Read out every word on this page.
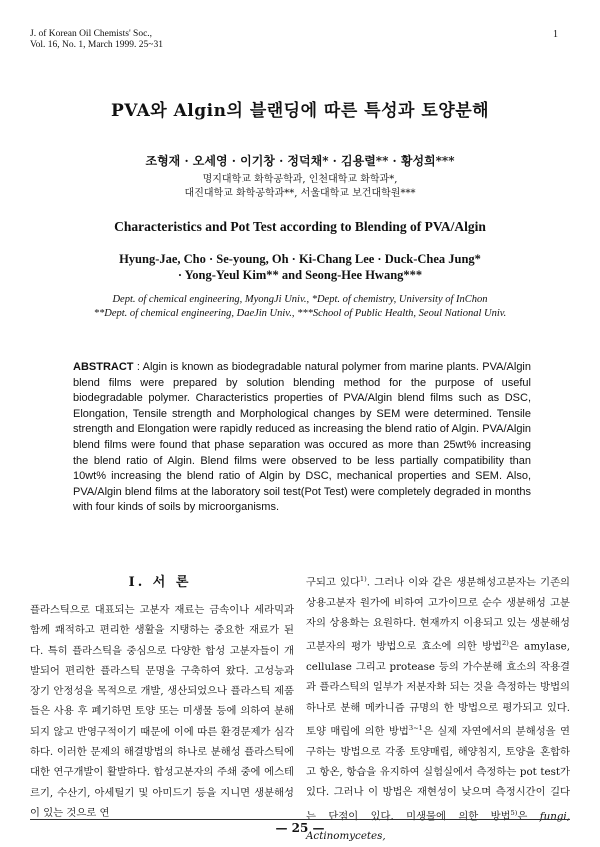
J. of Korean Oil Chemists' Soc.,
Vol. 16, No. 1, March 1999. 25~31
1
PVA와 Algin의 블랜딩에 따른 특성과 토양분해
조형재 · 오세영 · 이기창 · 정덕채* · 김용렬** · 황성희***
명지대학교 화학공학과, 인천대학교 화학과*,
대진대학교 화학공학과**, 서울대학교 보건대학원***
Characteristics and Pot Test according to Blending of PVA/Algin
Hyung-Jae, Cho · Se-young, Oh · Ki-Chang Lee · Duck-Chea Jung*
· Yong-Yeul Kim** and Seong-Hee Hwang***
Dept. of chemical engineering, MyongJi Univ., *Dept. of chemistry, University of InChon
**Dept. of chemical engineering, DaeJin Univ., ***School of Public Health, Seoul National Univ.
ABSTRACT : Algin is known as biodegradable natural polymer from marine plants. PVA/Algin blend films were prepared by solution blending method for the purpose of useful biodegradable polymer. Characteristics properties of PVA/Algin blend films such as DSC, Elongation, Tensile strength and Morphological changes by SEM were determined. Tensile strength and Elongation were rapidly reduced as increasing the blend ratio of Algin. PVA/Algin blend films were found that phase separation was occured as more than 25wt% increasing the blend ratio of Algin. Blend films were observed to be less partially compatibility than 10wt% increasing the blend ratio of Algin by DSC, mechanical properties and SEM. Also, PVA/Algin blend films at the laboratory soil test(Pot Test) were completely degraded in months with four kinds of soils by microorganisms.
I. 서 론
플라스틱으로 대표되는 고분자 재료는 금속이나 세라믹과 함께 쾌적하고 편리한 생활을 지탱하는 중요한 재료가 된다. 특히 플라스틱을 중심으로 다양한 합성 고분자들이 개발되어 편리한 플라스틱 문명을 구축하여 왔다. 고성능과 장기 안정성을 목적으로 개발, 생산되었으나 플라스틱 제품들은 사용 후 폐기하면 토양 또는 미생물 등에 의하여 분해되지 않고 반영구적이기 때문에 이에 따른 환경문제가 심각하다. 이러한 문제의 해결방법의 하나로 분해성 플라스틱에 대한 연구개발이 활발하다. 합성고분자의 주쇄 중에 에스테르기, 수산기, 아세틸기 및 아미드기 등을 지니면 생분해성이 있는 것으로 연
구되고 있다$^{1)}$. 그러나 이와 같은 생분해성고분자는 기존의 상용고분자 원가에 비하여 고가이므로 순수 생분해성 고분자의 상용화는 요원하다. 현재까지 이용되고 있는 생분해성 고분자의 평가 방법으로 효소에 의한 방법$^{2)}$은 amylase, cellulase 그리고 protease 등의 가수분해 효소의 작용결과 플라스틱의 일부가 저분자화 되는 것을 측정하는 방법의 하나로 분해 메카니즘 규명의 한 방법으로 평가되고 있다. 토양 매립에 의한 방법$^{3\sim 1}$은 실제 자연에서의 분해성을 연구하는 방법으로 각종 토양매립, 해양침지, 토양을 혼합하고 항온, 항습을 유지하여 실험실에서 측정하는 pot test가 있다. 그러나 이 방법은 재현성이 낮으며 측정시간이 길다는 단점이 있다. 미생물에 의한 방법$^{5)}$은 fungi, Actinomycetes,
— 25 —
